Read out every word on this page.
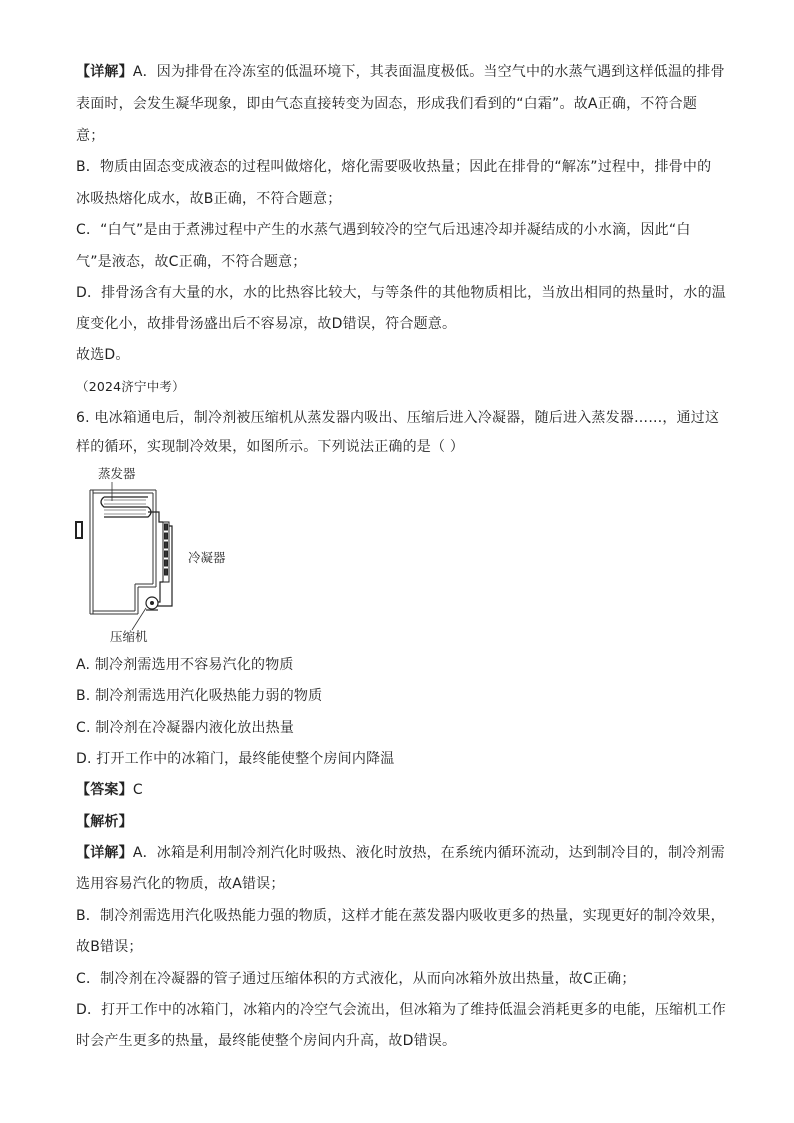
【详解】A．因为排骨在冷冻室的低温环境下，其表面温度极低。当空气中的水蒸气遇到这样低温的排骨
表面时，会发生凝华现象，即由气态直接转变为固态，形成我们看到的“白霜”。故A正确，不符合题
意；
B．物质由固态变成液态的过程叫做熔化，熔化需要吸收热量；因此在排骨的“解冻”过程中，排骨中的
冰吸热熔化成水，故B正确，不符合题意；
C．“白气”是由于煮沸过程中产生的水蒸气遇到较冷的空气后迅速冷却并凝结成的小水滴，因此“白
气”是液态，故C正确，不符合题意；
D．排骨汤含有大量的水，水的比热容比较大，与等条件的其他物质相比，当放出相同的热量时，水的温
度变化小，故排骨汤盛出后不容易凉，故D错误，符合题意。
故选D。
（2024济宁中考）
6. 电冰箱通电后，制冷剂被压缩机从蒸发器内吸出、压缩后进入冷凝器，随后进入蒸发器……，通过这
样的循环，实现制冷效果，如图所示。下列说法正确的是（ ）
蒸发器
冷凝器
压缩机
A. 制冷剂需选用不容易汽化的物质
B. 制冷剂需选用汽化吸热能力弱的物质
C. 制冷剂在冷凝器内液化放出热量
D. 打开工作中的冰箱门，最终能使整个房间内降温
【答案】C
【解析】
【详解】A．冰箱是利用制冷剂汽化时吸热、液化时放热，在系统内循环流动，达到制冷目的，制冷剂需
选用容易汽化的物质，故A错误；
B．制冷剂需选用汽化吸热能力强的物质，这样才能在蒸发器内吸收更多的热量，实现更好的制冷效果，
故B错误；
C．制冷剂在冷凝器的管子通过压缩体积的方式液化，从而向冰箱外放出热量，故C正确；
D．打开工作中的冰箱门，冰箱内的冷空气会流出，但冰箱为了维持低温会消耗更多的电能，压缩机工作
时会产生更多的热量，最终能使整个房间内升高，故D错误。
